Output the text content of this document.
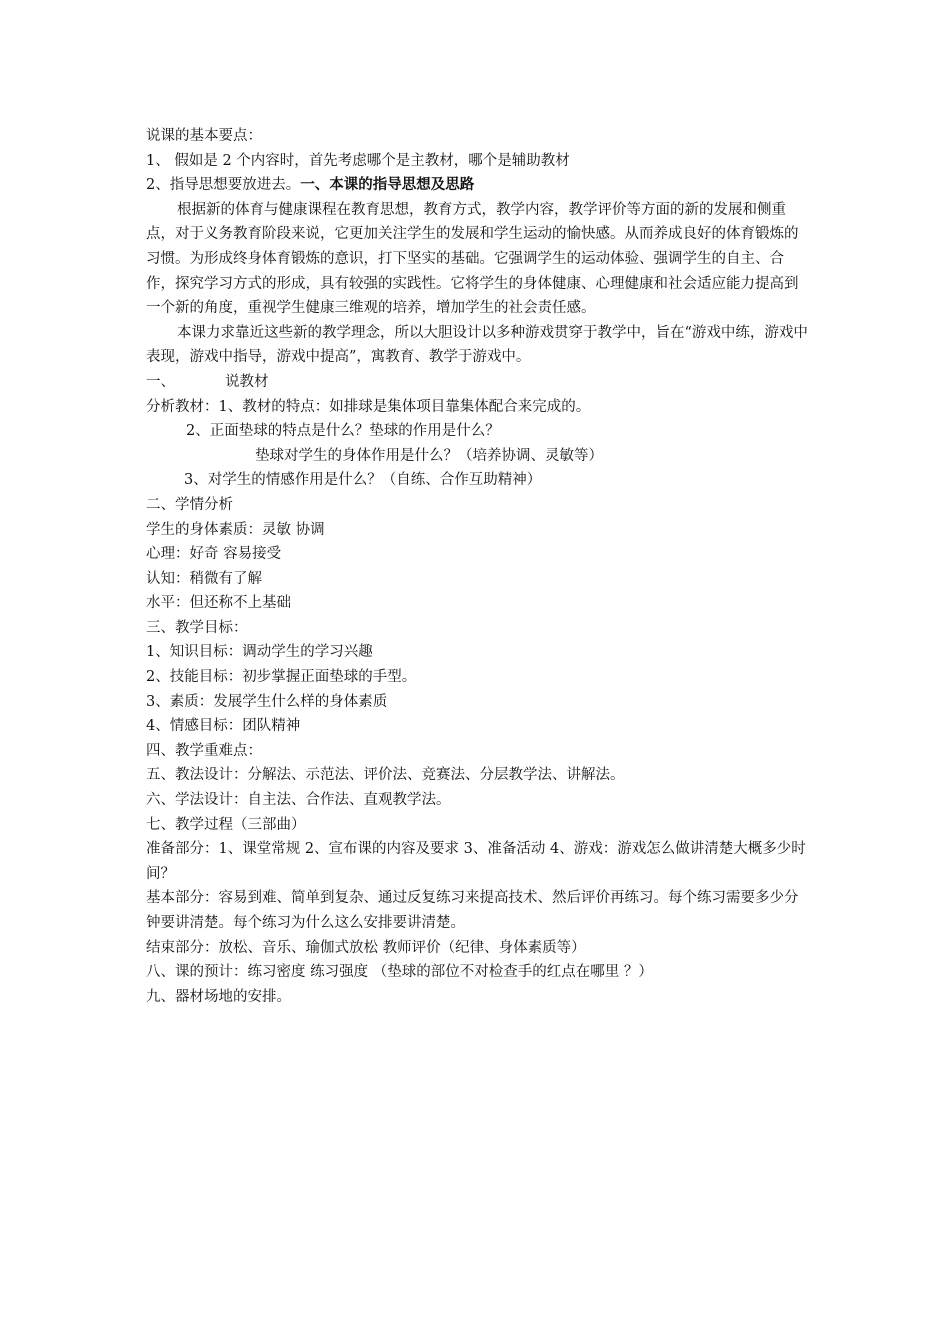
说课的基本要点：
1、 假如是 2 个内容时，首先考虑哪个是主教材，哪个是辅助教材
2、指导思想要放进去。一、本课的指导思想及思路
根据新的体育与健康课程在教育思想，教育方式，教学内容，教学评价等方面的新的发展和侧重点，对于义务教育阶段来说，它更加关注学生的发展和学生运动的愉快感。从而养成良好的体育锻炼的习惯。为形成终身体育锻炼的意识，打下坚实的基础。它强调学生的运动体验、强调学生的自主、合作，探究学习方式的形成，具有较强的实践性。它将学生的身体健康、心理健康和社会适应能力提高到一个新的角度，重视学生健康三维观的培养，增加学生的社会责任感。
本课力求靠近这些新的教学理念，所以大胆设计以多种游戏贯穿于教学中，旨在“游戏中练，游戏中表现，游戏中指导，游戏中提高”，寓教育、教学于游戏中。
一、	说教材
分析教材：1、教材的特点：如排球是集体项目靠集体配合来完成的。
2、正面垫球的特点是什么？垫球的作用是什么？
垫球对学生的身体作用是什么？（培养协调、灵敏等）
3、对学生的情感作用是什么？（自练、合作互助精神）
二、学情分析
学生的身体素质：灵敏 协调
心理：好奇 容易接受
认知：稍微有了解
水平：但还称不上基础
三、教学目标：
1、知识目标：调动学生的学习兴趣
2、技能目标：初步掌握正面垫球的手型。
3、素质：发展学生什么样的身体素质
4、情感目标：团队精神
四、教学重难点：
五、教法设计：分解法、示范法、评价法、竞赛法、分层教学法、讲解法。
六、学法设计：自主法、合作法、直观教学法。
七、教学过程（三部曲）
准备部分：1、课堂常规 2、宣布课的内容及要求 3、准备活动 4、游戏：游戏怎么做讲清楚大概多少时间？
基本部分：容易到难、简单到复杂、通过反复练习来提高技术、然后评价再练习。每个练习需要多少分钟要讲清楚。每个练习为什么这么安排要讲清楚。
结束部分：放松、音乐、瑜伽式放松 教师评价（纪律、身体素质等）
八、课的预计：练习密度 练习强度 （垫球的部位不对检查手的红点在哪里 ？）
九、器材场地的安排。
